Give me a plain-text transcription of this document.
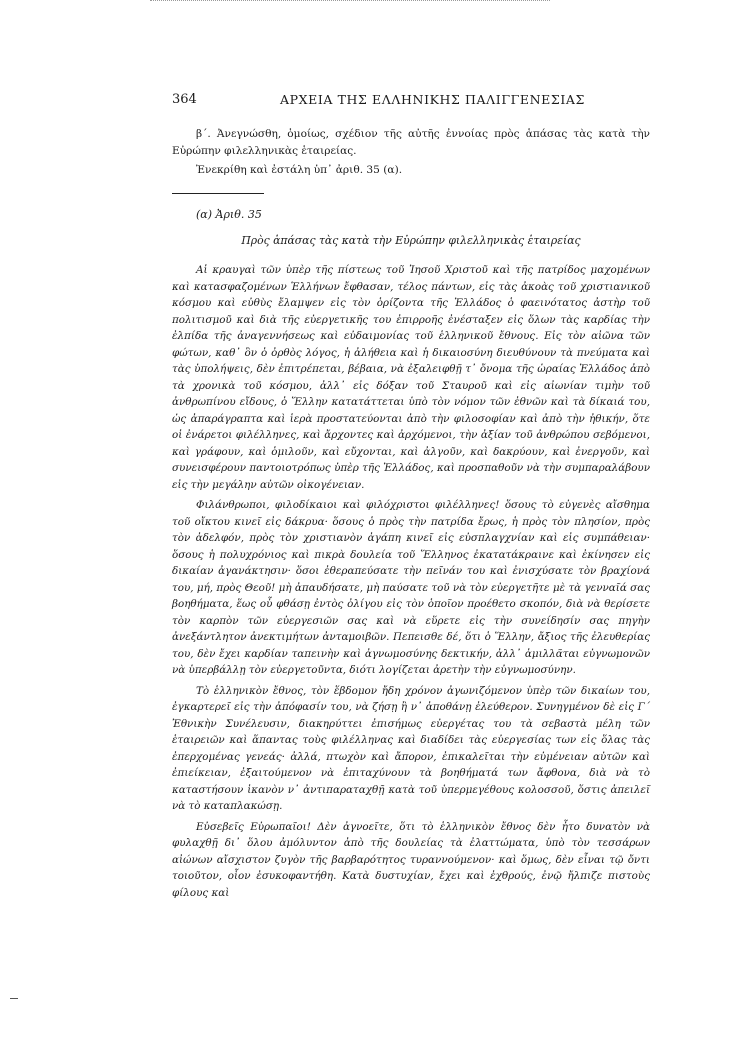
364	ΑΡΧΕΙΑ ΤΗΣ ΕΛΛΗΝΙΚΗΣ ΠΑΛΙΓΓΕΝΕΣΙΑΣ

β΄. Ἀνεγνώσθη, ὁμοίως, σχέδιον τῆς αὐτῆς ἐννοίας πρὸς ἁπάσας τὰς κατὰ τὴν Εὐρώπην φιλελληνικὰς ἑταιρείας.

Ἐνεκρίθη καὶ ἐστάλη ὑπ᾿ ἀριθ. 35 (α).

(α) Ἀριθ. 35
Πρὸς ἁπάσας τὰς κατὰ τὴν Εὐρώπην φιλελληνικὰς ἑταιρείας

Αἱ κραυγαὶ τῶν ὑπὲρ τῆς πίστεως τοῦ Ἰησοῦ Χριστοῦ καὶ τῆς πατρίδος μαχομένων καὶ κατασφαζομένων Ἑλλήνων ἔφθασαν, τέλος πάντων, εἰς τὰς ἀκοὰς τοῦ χριστιανικοῦ κόσμου καὶ εὐθὺς ἔλαμψεν εἰς τὸν ὁρίζοντα τῆς Ἑλλάδος ὁ φαεινότατος ἀστὴρ τοῦ πολιτισμοῦ καὶ διὰ τῆς εὐεργετικῆς του ἐπιρροῆς ἐνέσταξεν εἰς ὅλων τὰς καρδίας τὴν ἐλπίδα τῆς ἀναγεννήσεως καὶ εὐδαιμονίας τοῦ ἑλληνικοῦ ἔθνους. Εἰς τὸν αἰῶνα τῶν φώτων, καθ᾿ ὃν ὁ ὀρθὸς λόγος, ἡ ἀλήθεια καὶ ἡ δικαιοσύνη διευθύνουν τὰ πνεύματα καὶ τὰς ὑπολήψεις, δὲν ἐπιτρέπεται, βέβαια, νὰ ἐξαλειφθῇ τ᾿ ὄνομα τῆς ὡραίας Ἑλλάδος ἀπὸ τὰ χρονικὰ τοῦ κόσμου, ἀλλ᾿ εἰς δόξαν τοῦ Σταυροῦ καὶ εἰς αἰωνίαν τιμὴν τοῦ ἀνθρωπίνου εἴδους, ὁ Ἕλλην κατατάττεται ὑπὸ τὸν νόμον τῶν ἐθνῶν καὶ τὰ δίκαιά του, ὡς ἀπαράγραπτα καὶ ἱερὰ προστατεύονται ἀπὸ τὴν φιλοσοφίαν καὶ ἀπὸ τὴν ἠθικήν, ὅτε οἱ ἐνάρετοι φιλέλληνες, καὶ ἄρχοντες καὶ ἀρχόμενοι, τὴν ἀξίαν τοῦ ἀνθρώπου σεβόμενοι, καὶ γράφουν, καὶ ὁμιλοῦν, καὶ εὔχονται, καὶ ἀλγοῦν, καὶ δακρύουν, καὶ ἐνεργοῦν, καὶ συνεισφέρουν παντοιοτρόπως ὑπὲρ τῆς Ἑλλάδος, καὶ προσπαθοῦν νὰ τὴν συμπαραλάβουν εἰς τὴν μεγάλην αὐτῶν οἰκογένειαν.

Φιλάνθρωποι, φιλοδίκαιοι καὶ φιλόχριστοι φιλέλληνες! ὅσους τὸ εὐγενὲς αἴσθημα τοῦ οἴκτου κινεῖ εἰς δάκρυα· ὅσους ὁ πρὸς τὴν πατρίδα ἔρως, ἡ πρὸς τὸν πλησίον, πρὸς τὸν ἀδελφόν, πρὸς τὸν χριστιανὸν ἀγάπη κινεῖ εἰς εὐσπλαγχνίαν καὶ εἰς συμπάθειαν· ὅσους ἡ πολυχρόνιος καὶ πικρὰ δουλεία τοῦ Ἕλληνος ἐκατατάκραινε καὶ ἐκίνησεν εἰς δικαίαν ἀγανάκτησιν· ὅσοι ἐθεραπεύσατε τὴν πεῖνάν του καὶ ἐνισχύσατε τὸν βραχίονά του, μή, πρὸς Θεοῦ! μὴ ἀπαυδήσατε, μὴ παύσατε τοῦ νὰ τὸν εὐεργετῆτε μὲ τὰ γενναῖά σας βοηθήματα, ἕως οὗ φθάσῃ ἐντὸς ὀλίγου εἰς τὸν ὁποῖον προέθετο σκοπόν, διὰ νὰ θερίσετε τὸν καρπὸν τῶν εὐεργεσιῶν σας καὶ νὰ εὕρετε εἰς τὴν συνείδησίν σας πηγὴν ἀνεξάντλητον ἀνεκτιμήτων ἀνταμοιβῶν. Πεπεισθε δέ, ὅτι ὁ Ἕλλην, ἄξιος τῆς ἐλευθερίας του, δὲν ἔχει καρδίαν ταπεινὴν καὶ ἀγνωμοσύνης δεκτικήν, ἀλλ᾿ ἁμιλλᾶται εὐγνωμονῶν νὰ ὑπερβάλλῃ τὸν εὐεργετοῦντα, διότι λογίζεται ἀρετὴν τὴν εὐγνωμοσύνην.

Τὸ ἑλληνικὸν ἔθνος, τὸν ἕβδομον ἤδη χρόνον ἀγωνιζόμενον ὑπὲρ τῶν δικαίων του, ἐγκαρτερεῖ εἰς τὴν ἀπόφασίν του, νὰ ζήσῃ ἢ ν᾿ ἀποθάνῃ ἐλεύθερον. Συνηγμένον δὲ εἰς Γ΄ Ἐθνικὴν Συνέλευσιν, διακηρύττει ἐπισήμως εὐεργέτας του τὰ σεβαστὰ μέλη τῶν ἑταιρειῶν καὶ ἅπαντας τοὺς φιλέλληνας καὶ διαδίδει τὰς εὐεργεσίας των εἰς ὅλας τὰς ἐπερχομένας γενεάς· ἀλλά, πτωχὸν καὶ ἄπορον, ἐπικαλεῖται τὴν εὐμένειαν αὐτῶν καὶ ἐπιείκειαν, ἐξαιτούμενον νὰ ἐπιταχύνουν τὰ βοηθήματά των ἄφθονα, διὰ νὰ τὸ καταστήσουν ἱκανὸν ν᾿ ἀντιπαραταχθῇ κατὰ τοῦ ὑπερμεγέθους κολοσσοῦ, ὅστις ἀπειλεῖ νὰ τὸ καταπλακώσῃ.

Εὐσεβεῖς Εὐρωπαῖοι! Δὲν ἀγνοεῖτε, ὅτι τὸ ἑλληνικὸν ἔθνος δὲν ἦτο δυνατὸν νὰ φυλαχθῇ δι᾿ ὅλου ἀμόλυντον ἀπὸ τῆς δουλείας τὰ ἐλαττώματα, ὑπὸ τὸν τεσσάρων αἰώνων αἴσχιστον ζυγὸν τῆς βαρβαρότητος τυραννούμενον· καὶ ὅμως, δὲν εἶναι τῷ ὄντι τοιοῦτον, οἷον ἐσυκοφαντήθη. Κατὰ δυστυχίαν, ἔχει καὶ ἐχθρούς, ἐνῷ ἤλπιζε πιστοὺς φίλους καὶ
